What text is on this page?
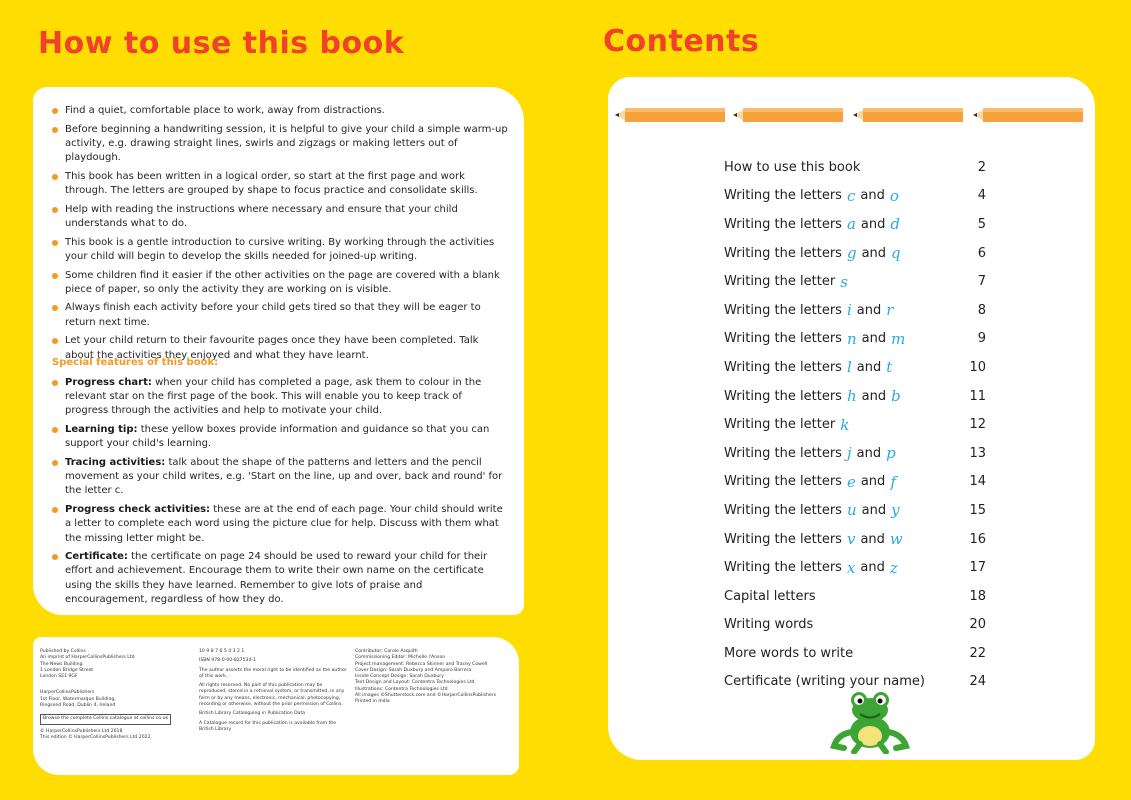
How to use this book
Find a quiet, comfortable place to work, away from distractions.
Before beginning a handwriting session, it is helpful to give your child a simple warm-up activity, e.g. drawing straight lines, swirls and zigzags or making letters out of playdough.
This book has been written in a logical order, so start at the first page and work through. The letters are grouped by shape to focus practice and consolidate skills.
Help with reading the instructions where necessary and ensure that your child understands what to do.
This book is a gentle introduction to cursive writing. By working through the activities your child will begin to develop the skills needed for joined-up writing.
Some children find it easier if the other activities on the page are covered with a blank piece of paper, so only the activity they are working on is visible.
Always finish each activity before your child gets tired so that they will be eager to return next time.
Let your child return to their favourite pages once they have been completed. Talk about the activities they enjoyed and what they have learnt.

Special features of this book:

Progress chart: when your child has completed a page, ask them to colour in the relevant star on the first page of the book. This will enable you to keep track of progress through the activities and help to motivate your child.
Learning tip: these yellow boxes provide information and guidance so that you can support your child's learning.
Tracing activities: talk about the shape of the patterns and letters and the pencil movement as your child writes, e.g. 'Start on the line, up and over, back and round' for the letter c.
Progress check activities: these are at the end of each page. Your child should write a letter to complete each word using the picture clue for help. Discuss with them what the missing letter might be.
Certificate: the certificate on page 24 should be used to reward your child for their effort and achievement. Encourage them to write their own name on the certificate using the skills they have learned. Remember to give lots of praise and encouragement, regardless of how they do.

Published by Collins
An imprint of HarperCollinsPublishers Ltd
The News Building
1 London Bridge Street
London SE1 9GF

HarperCollinsPublishers
1st Floor, Watermarque Building,
Ringsend Road, Dublin 4, Ireland

Browse the complete Collins catalogue at collins.co.uk

© HarperCollinsPublishers Ltd 2018
This edition © HarperCollinsPublishers Ltd 2022

10 9 8 7 6 5 4 3 2 1

ISBN 978-0-00-827534-1

The author asserts the moral right to be identified as the author of this work.

All rights reserved. No part of this publication may be reproduced, stored in a retrieval system, or transmitted, in any form or by any means, electronic, mechanical, photocopying, recording or otherwise, without the prior permission of Collins.

British Library Cataloguing in Publication Data

A Catalogue record for this publication is available from the British Library

Contributor: Carole Asquith
Commissioning Editor: Michelle l'Anson
Project management: Rebecca Skinner and Tracey Cowell
Cover Design: Sarah Duxbury and Amparo Barrera
Inside Concept Design: Sarah Duxbury
Text Design and Layout: Contentra Technologies Ltd
Illustrations: Contentra Technologies Ltd
All images ©Shutterstock.com and ©HarperCollinsPublishers
Printed in India
Contents
How to use this book	2
Writing the letters c and o	4
Writing the letters a and d	5
Writing the letters g and q	6
Writing the letter s	7
Writing the letters i and r	8
Writing the letters n and m	9
Writing the letters l and t	10
Writing the letters h and b	11
Writing the letter k	12
Writing the letters j and p	13
Writing the letters e and f	14
Writing the letters u and y	15
Writing the letters v and w	16
Writing the letters x and z	17
Capital letters	18
Writing words	20
More words to write	22
Certificate (writing your name)	24
